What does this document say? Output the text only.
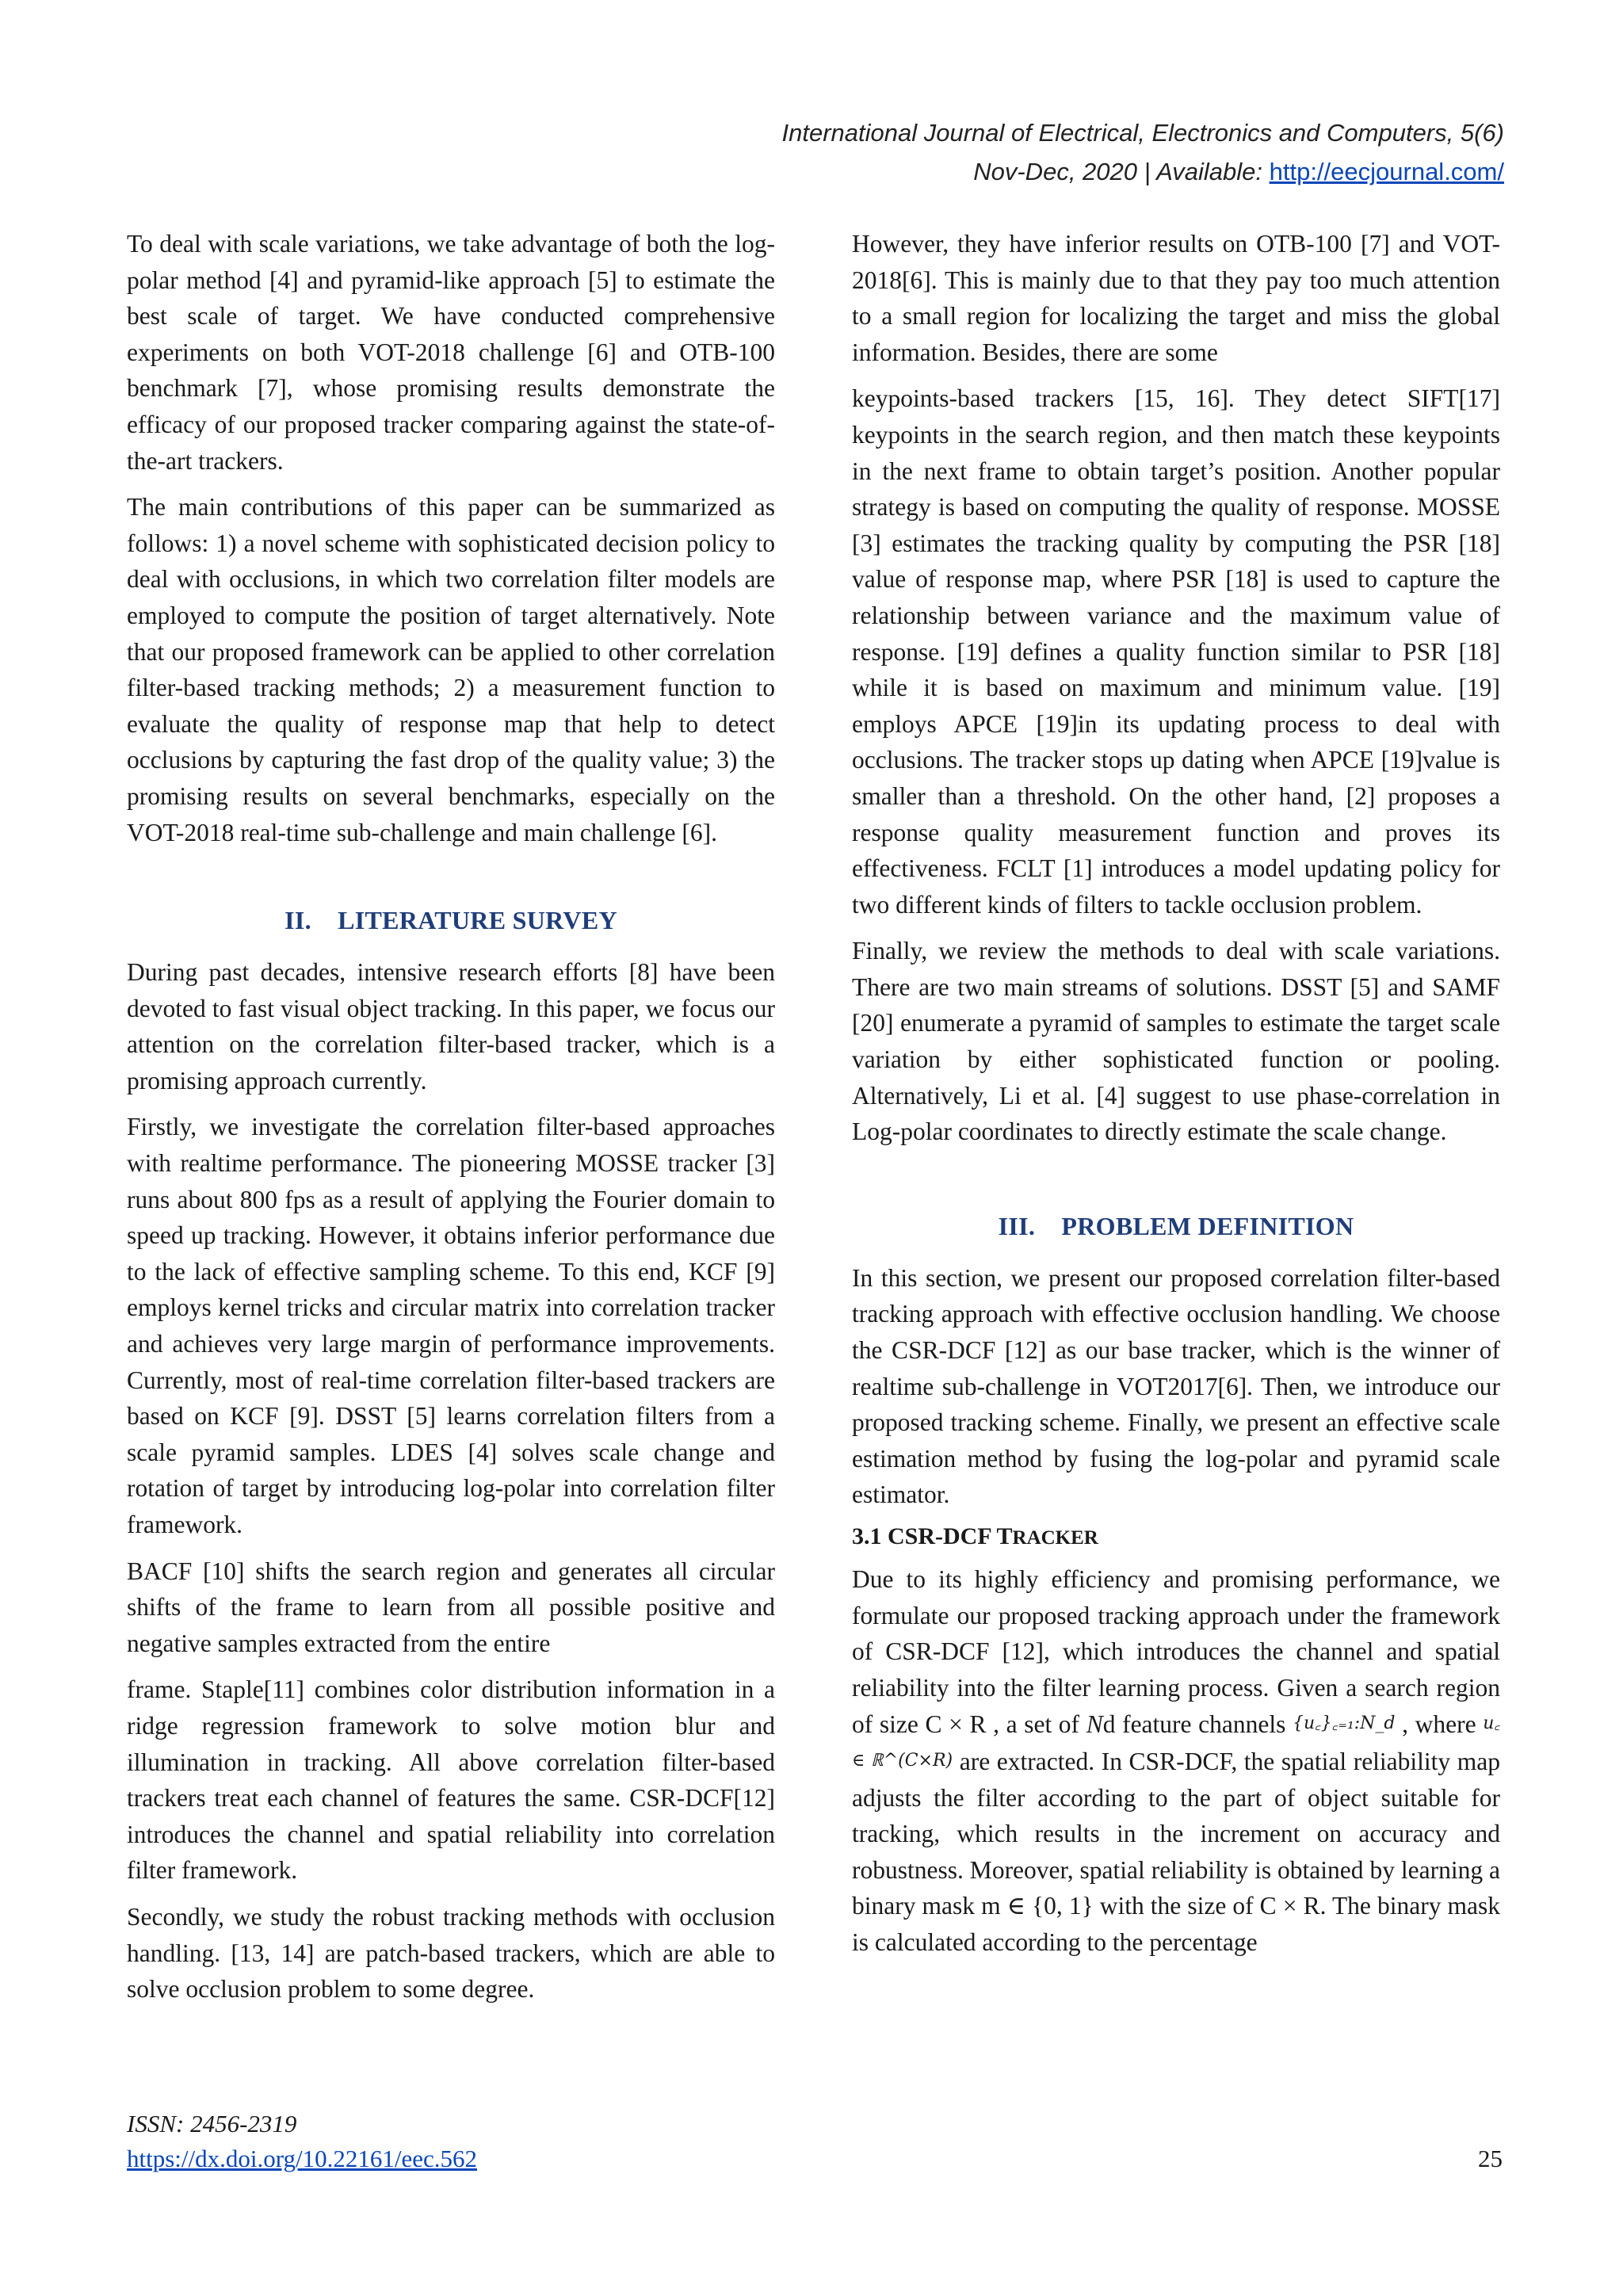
International Journal of Electrical, Electronics and Computers, 5(6)
Nov-Dec, 2020 | Available: http://eecjournal.com/

To deal with scale variations, we take advantage of both the log-polar method [4] and pyramid-like approach [5] to estimate the best scale of target. We have conducted comprehensive experiments on both VOT-2018 challenge [6] and OTB-100 benchmark [7], whose promising results demonstrate the efficacy of our proposed tracker comparing against the state-of-the-art trackers.

The main contributions of this paper can be summarized as follows: 1) a novel scheme with sophisticated decision policy to deal with occlusions, in which two correlation filter models are employed to compute the position of target alternatively. Note that our proposed framework can be applied to other correlation filter-based tracking methods; 2) a measurement function to evaluate the quality of response map that help to detect occlusions by capturing the fast drop of the quality value; 3) the promising results on several benchmarks, especially on the VOT-2018 real-time sub-challenge and main challenge [6].

II. LITERATURE SURVEY

During past decades, intensive research efforts [8] have been devoted to fast visual object tracking. In this paper, we focus our attention on the correlation filter-based tracker, which is a promising approach currently.

Firstly, we investigate the correlation filter-based approaches with realtime performance. The pioneering MOSSE tracker [3] runs about 800 fps as a result of applying the Fourier domain to speed up tracking. However, it obtains inferior performance due to the lack of effective sampling scheme. To this end, KCF [9] employs kernel tricks and circular matrix into correlation tracker and achieves very large margin of performance improvements. Currently, most of real-time correlation filter-based trackers are based on KCF [9]. DSST [5] learns correlation filters from a scale pyramid samples. LDES [4] solves scale change and rotation of target by introducing log-polar into correlation filter framework.

BACF [10] shifts the search region and generates all circular shifts of the frame to learn from all possible positive and negative samples extracted from the entire

frame. Staple[11] combines color distribution information in a ridge regression framework to solve motion blur and illumination in tracking. All above correlation filter-based trackers treat each channel of features the same. CSR-DCF[12] introduces the channel and spatial reliability into correlation filter framework.

Secondly, we study the robust tracking methods with occlusion handling. [13, 14] are patch-based trackers, which are able to solve occlusion problem to some degree.

However, they have inferior results on OTB-100 [7] and VOT-2018[6]. This is mainly due to that they pay too much attention to a small region for localizing the target and miss the global information. Besides, there are some

keypoints-based trackers [15, 16]. They detect SIFT[17] keypoints in the search region, and then match these keypoints in the next frame to obtain target’s position. Another popular strategy is based on computing the quality of response. MOSSE [3] estimates the tracking quality by computing the PSR [18] value of response map, where PSR [18] is used to capture the relationship between variance and the maximum value of response. [19] defines a quality function similar to PSR [18] while it is based on maximum and minimum value. [19] employs APCE [19]in its updating process to deal with occlusions. The tracker stops up dating when APCE [19]value is smaller than a threshold. On the other hand, [2] proposes a response quality measurement function and proves its effectiveness. FCLT [1] introduces a model updating policy for two different kinds of filters to tackle occlusion problem.

Finally, we review the methods to deal with scale variations. There are two main streams of solutions. DSST [5] and SAMF [20] enumerate a pyramid of samples to estimate the target scale variation by either sophisticated function or pooling. Alternatively, Li et al. [4] suggest to use phase-correlation in Log-polar coordinates to directly estimate the scale change.

III. PROBLEM DEFINITION

In this section, we present our proposed correlation filter-based tracking approach with effective occlusion handling. We choose the CSR-DCF [12] as our base tracker, which is the winner of realtime sub-challenge in VOT2017[6]. Then, we introduce our proposed tracking scheme. Finally, we present an effective scale estimation method by fusing the log-polar and pyramid scale estimator.

3.1 CSR-DCF TRACKER

Due to its highly efficiency and promising performance, we formulate our proposed tracking approach under the framework of CSR-DCF [12], which introduces the channel and spatial reliability into the filter learning process. Given a search region of size C × R , a set of Nd feature channels {u꜀}꜀₌₁:N_d , where u꜀ ∈ ℝ^(C×R) are extracted. In CSR-DCF, the spatial reliability map adjusts the filter according to the part of object suitable for tracking, which results in the increment on accuracy and robustness. Moreover, spatial reliability is obtained by learning a binary mask m ∈ {0, 1} with the size of C × R. The binary mask is calculated according to the percentage

ISSN: 2456-2319
https://dx.doi.org/10.22161/eec.562	25
